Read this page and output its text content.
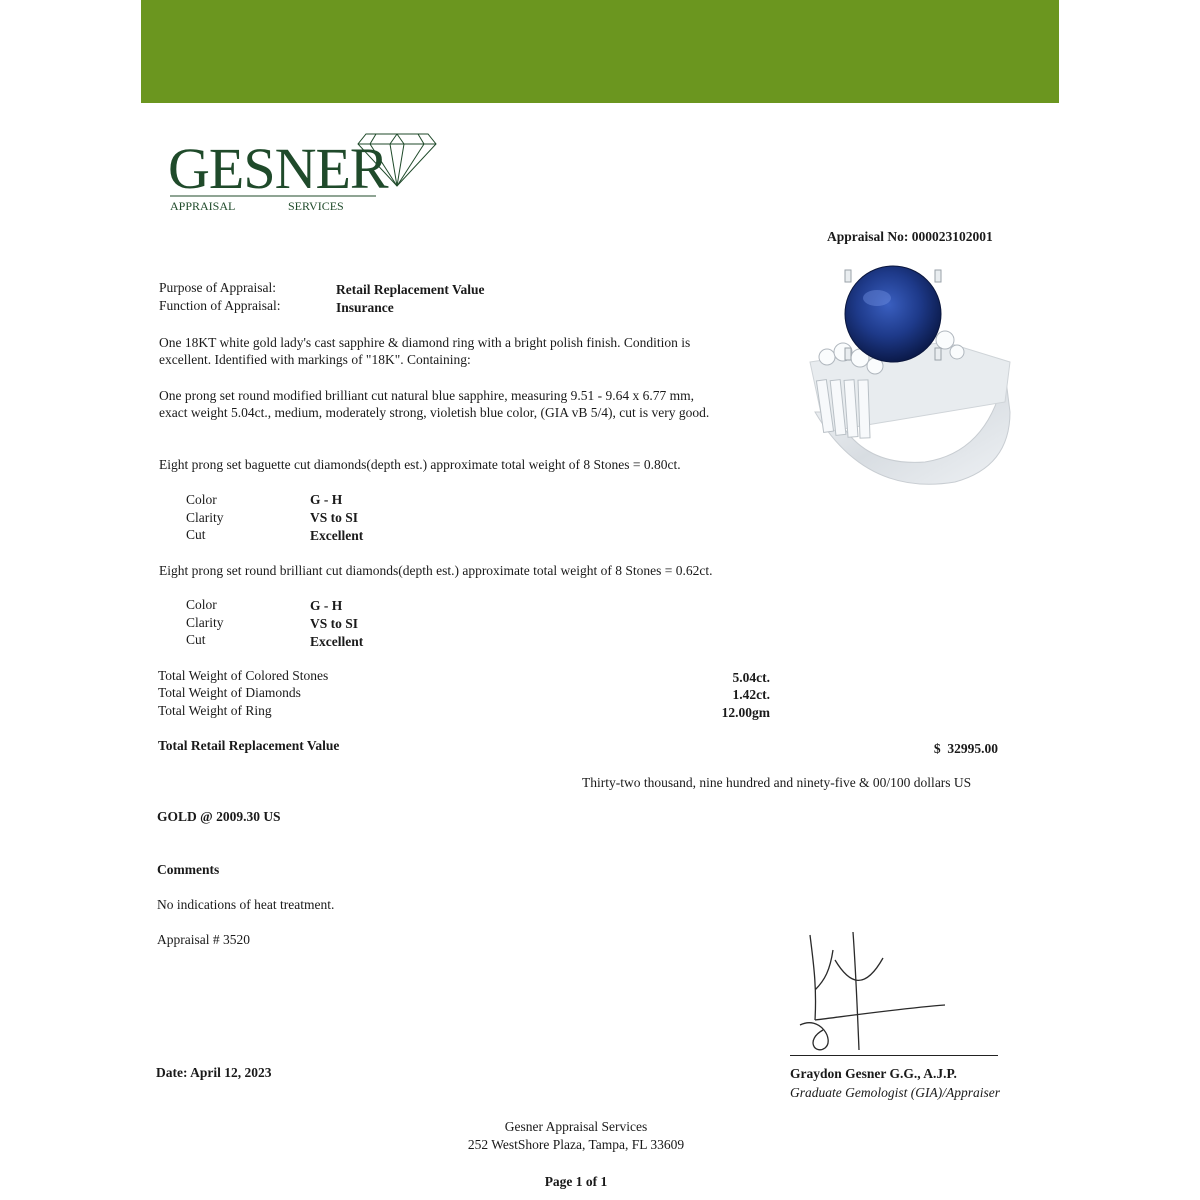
GESNER
APPRAISAL	SERVICES
Appraisal No: 000023102001
Purpose of Appraisal:	Retail Replacement Value
Function of Appraisal:	Insurance
One 18KT white gold lady's cast sapphire & diamond ring with a bright polish finish. Condition is excellent. Identified with markings of "18K". Containing:
One prong set round modified brilliant cut natural blue sapphire, measuring 9.51 - 9.64 x 6.77 mm, exact weight 5.04ct., medium, moderately strong, violetish blue color, (GIA vB 5/4), cut is very good.
Eight prong set baguette cut diamonds(depth est.) approximate total weight of 8 Stones = 0.80ct.
Color	G - H
Clarity	VS to SI
Cut	Excellent
Eight prong set round brilliant cut diamonds(depth est.) approximate total weight of 8 Stones = 0.62ct.
Color	G - H
Clarity	VS to SI
Cut	Excellent
Total Weight of Colored Stones	5.04ct.
Total Weight of Diamonds	1.42ct.
Total Weight of Ring	12.00gm
Total Retail Replacement Value	$  32995.00
Thirty-two thousand, nine hundred and ninety-five & 00/100 dollars US
GOLD @ 2009.30 US
Comments
No indications of heat treatment.
Appraisal # 3520
Date: April 12, 2023	Graydon Gesner G.G., A.J.P.
Graduate Gemologist (GIA)/Appraiser
Gesner Appraisal Services
252 WestShore Plaza, Tampa, FL 33609
Page 1 of 1
